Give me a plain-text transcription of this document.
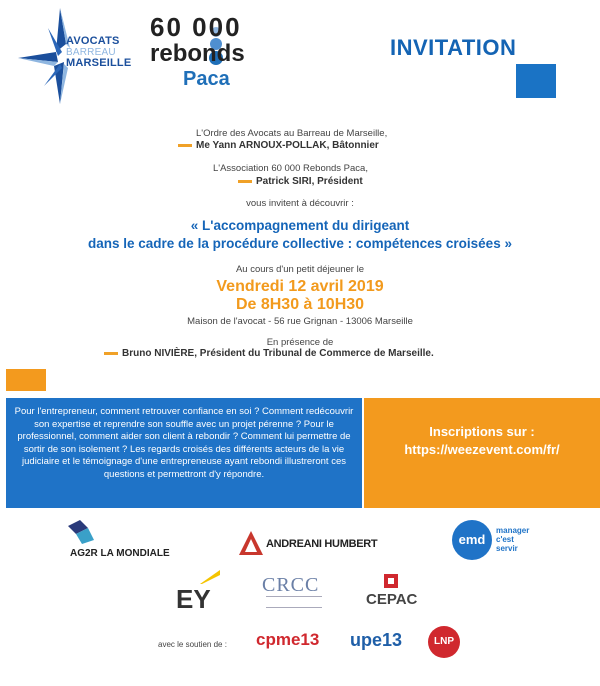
AVOCATS
BARREAU
MARSEILLE
60 000
rebonds
Paca
INVITATION
L'Ordre des Avocats au Barreau de Marseille,
Me Yann ARNOUX-POLLAK, Bâtonnier
L'Association 60 000 Rebonds Paca,
Patrick SIRI, Président
vous invitent à découvrir :
« L'accompagnement du dirigeant
dans le cadre de la procédure collective : compétences croisées »
Au cours d'un petit déjeuner le
Vendredi 12 avril 2019
De 8H30 à 10H30
Maison de l'avocat - 56 rue Grignan - 13006 Marseille
En présence de
Bruno NIVIÈRE, Président du Tribunal de Commerce de Marseille.
Pour l'entrepreneur, comment retrouver confiance en soi ? Comment redécouvrir son expertise et reprendre son souffle avec un projet pérenne ? Pour le professionnel, comment aider son client à rebondir ? Comment lui permettre de sortir de son isolement ? Les regards croisés des différents acteurs de la vie judiciaire et le témoignage d'une entrepreneuse ayant rebondi illustreront ces questions et permettront d'y répondre.
Inscriptions sur :
https://weezevent.com/fr/
AG2R LA MONDIALE
ANDREANI HUMBERT	emd
manager
c'est
servir
EY	CRCC
CEPAC
avec le soutien de : cpme13 upe13	LNP
